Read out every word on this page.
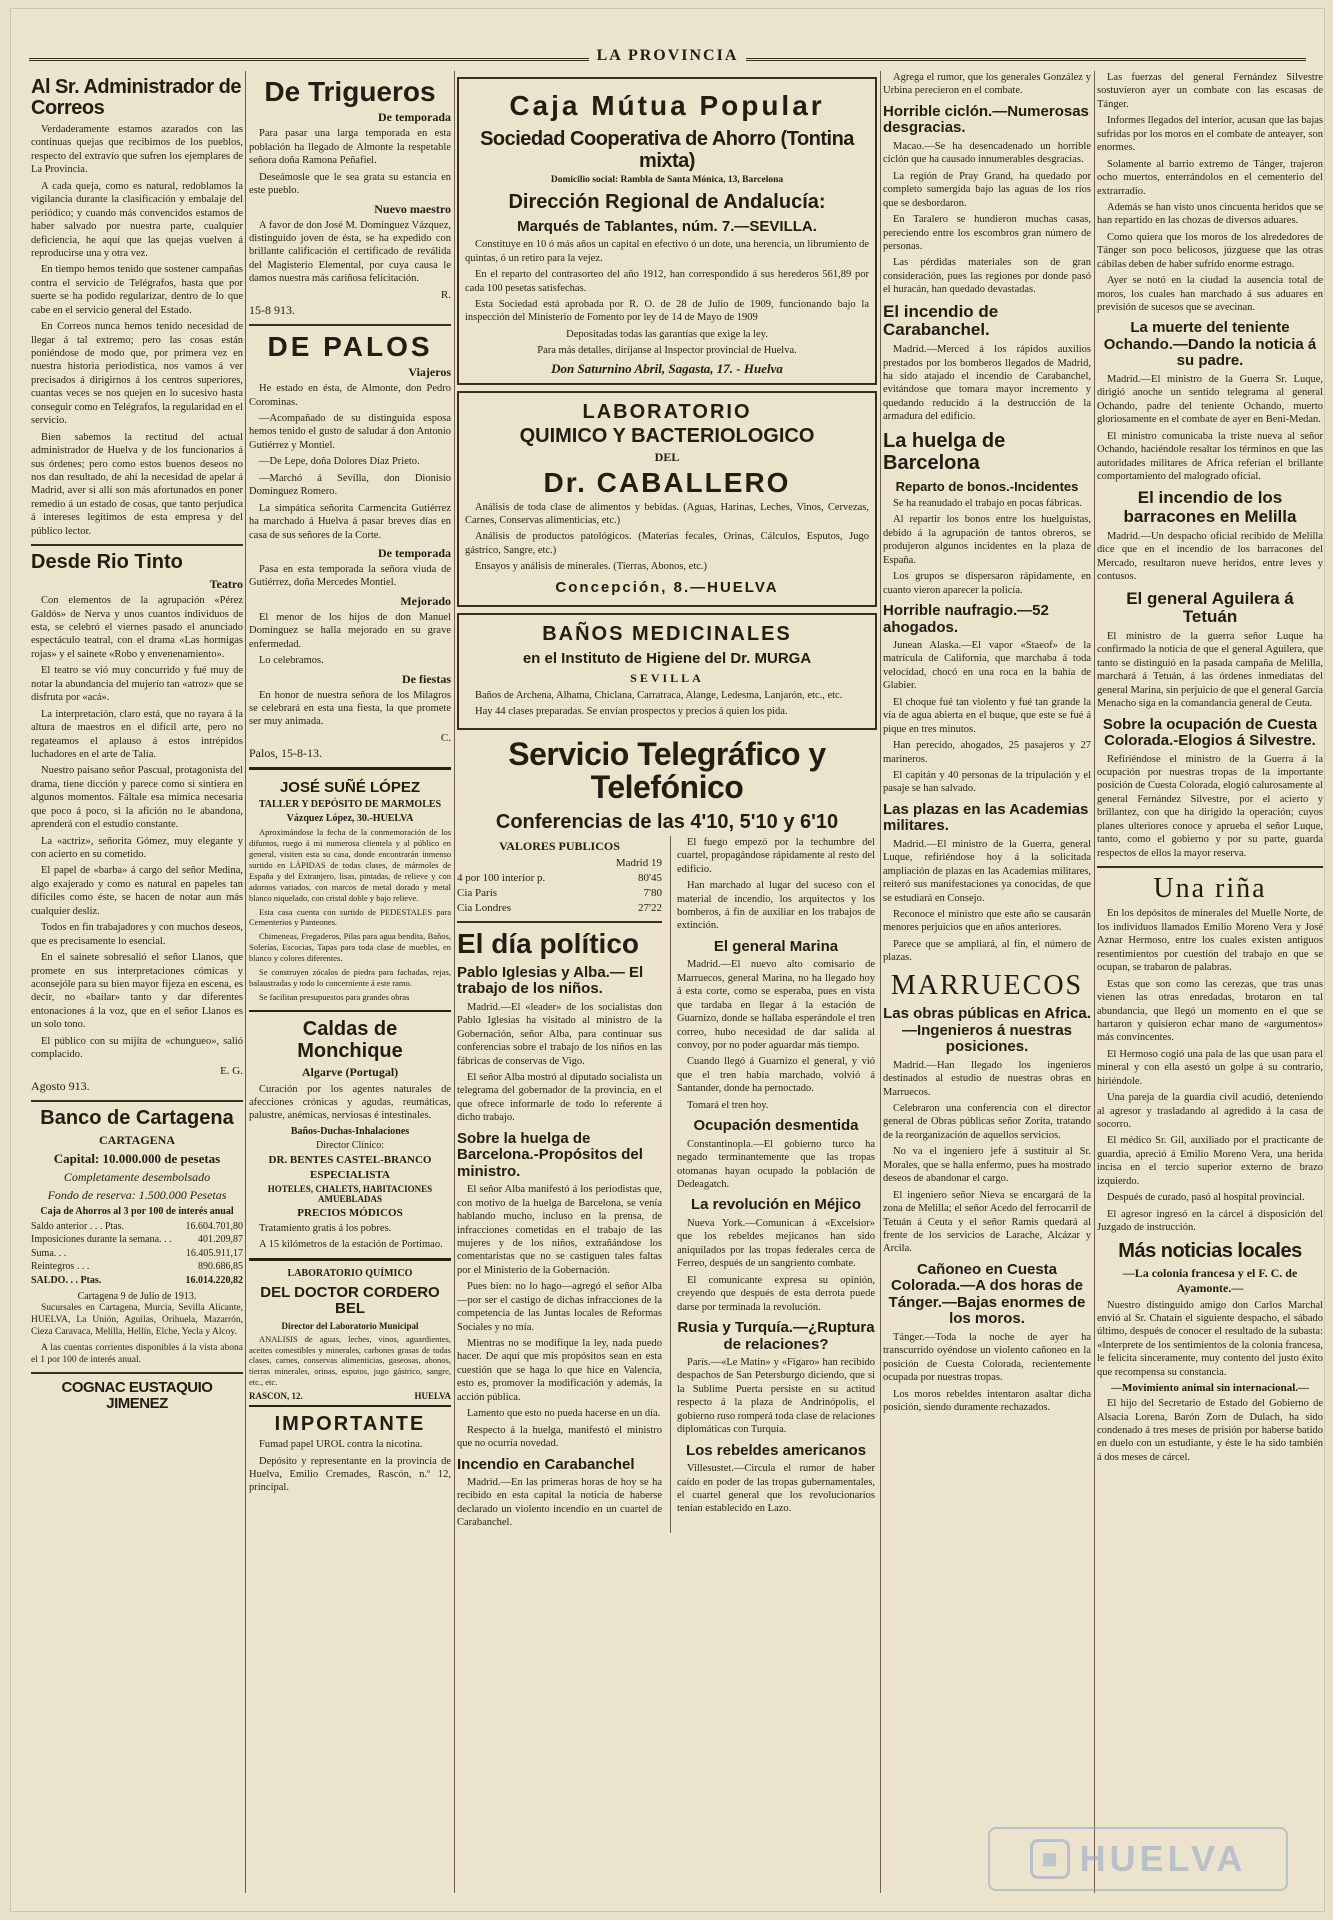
LA PROVINCIA
Al Sr. Administrador de Correos

Verdaderamente estamos azarados con las continuas quejas que recibimos de los pueblos, respecto del extravío que sufren los ejemplares de La Provincia.

A cada queja, como es natural, redoblamos la vigilancia durante la clasificación y embalaje del periódico; y cuando más convencidos estamos de haber salvado por nuestra parte, cualquier deficiencia, he aquí que las quejas vuelven á reproducirse una y otra vez.

En tiempo hemos tenido que sostener campañas contra el servicio de Telégrafos, hasta que por suerte se ha podido regularizar, dentro de lo que cabe en el servicio general del Estado.

En Correos nunca hemos tenido necesidad de llegar á tal extremo; pero las cosas están poniéndose de modo que, por primera vez en nuestra historia periodística, nos vamos á ver precisados á dirigirnos á los centros superiores, cuantas veces se nos quejen en lo sucesivo hasta conseguir como en Telégrafos, la regularidad en el servicio.

Bien sabemos la rectitud del actual administrador de Huelva y de los funcionarios á sus órdenes; pero como estos buenos deseos no nos dan resultado, de ahí la necesidad de apelar á Madrid, aver si allí son más afortunados en poner remedio á un estado de cosas, que tanto perjudica á intereses legítimos de esta empresa y del público lector.

Desde Rio Tinto
Teatro

Con elementos de la agrupación «Pérez Galdós» de Nerva y unos cuantos individuos de esta, se celebró el viernes pasado el anunciado espectáculo teatral, con el drama «Las hormigas rojas» y el sainete «Robo y envenenamiento».

El teatro se vió muy concurrido y fué muy de notar la abundancia del mujerío tan «atroz» que se disfruta por «acá».

La interpretación, claro está, que no rayara á la altura de maestros en el difícil arte, pero no regateamos el aplauso á estos intrépidos luchadores en el arte de Talía.

Nuestro paisano señor Pascual, protagonista del drama, tiene dicción y parece como si sintiera en algunos momentos. Fáltale esa mímica necesaria que poco á poco, si la afición no le abandona, aprenderá con el estudio constante.

La «actriz», señorita Gómez, muy elegante y con acierto en su cometido.

El papel de «barba» á cargo del señor Medina, algo exajerado y como es natural en papeles tan difíciles como éste, se hacen de notar aun más cualquier desliz.

Todos en fin trabajadores y con muchos deseos, que es precisamente lo esencial.

En el sainete sobresalió el señor Llanos, que promete en sus interpretaciones cómicas y aconsejóle para su bien mayor fijeza en escena, es decir, no «bailar» tanto y dar diferentes entonaciones á la voz, que en el señor Llanos es un solo tono.

El público con su mijita de «chungueo», salió complacido.

E. G.
Agosto 913.
Banco de Cartagena
CARTAGENA
Capital: 10.000.000 de pesetas
Completamente desembolsado
Fondo de reserva: 1.500.000 Pesetas
Caja de Ahorros al 3 por 100 de interés anual
Saldo anterior . . . Ptas.	16.604.701,80
Imposiciones durante la semana. . .	401.209,87
Suma. . .	16.405.911,17
Reintegros . . .	890.686,85
SALDO. . . Ptas.	16.014.220,82
Cartagena 9 de Julio de 1913.

Sucursales en Cartagena, Murcia, Sevilla Alicante, HUELVA, La Unión, Aguilas, Orihuela, Mazarrón, Cieza Caravaca, Melilla, Hellín, Elche, Yecla y Alcoy.

A las cuentas corrientes disponibles á la vista abona el 1 por 100 de interés anual.

COGNAC EUSTAQUIO JIMENEZ
De Trigueros
De temporada

Para pasar una larga temporada en esta población ha llegado de Almonte la respetable señora doña Ramona Peñafiel.

Deseámosle que le sea grata su estancia en este pueblo.

Nuevo maestro

A favor de don José M. Domínguez Vázquez, distinguido joven de ésta, se ha expedido con brillante calificación el certificado de reválida del Magisterio Elemental, por cuya causa le damos nuestra más cariñosa felicitación.

R.
15-8 913.
DE PALOS
Viajeros

He estado en ésta, de Almonte, don Pedro Corominas.

—Acompañado de su distinguida esposa hemos tenido el gusto de saludar á don Antonio Gutiérrez y Montiel.

—De Lepe, doña Dolores Díaz Prieto.

—Marchó á Sevilla, don Dionisio Domínguez Romero.

La simpática señorita Carmencita Gutiérrez ha marchado á Huelva á pasar breves días en casa de sus señores de la Corte.

De temporada

Pasa en esta temporada la señora viuda de Gutiérrez, doña Mercedes Montiel.

Mejorado

El menor de los hijos de don Manuel Domínguez se halla mejorado en su grave enfermedad.

Lo celebramos.

De fiestas

En honor de nuestra señora de los Milagros se celebrará en esta una fiesta, la que promete ser muy animada.

C.
Palos, 15-8-13.
JOSÉ SUÑÉ LÓPEZ
TALLER Y DEPÓSITO DE MARMOLES
Vázquez López, 30.-HUELVA

Aproximándose la fecha de la conmemoración de los difuntos, ruego á mi numerosa clientela y al público en general, visiten esta su casa, donde encontrarán inmenso surtido en LÁPIDAS de todas clases, de mármoles de España y del Extranjero, lisas, pintadas, de relieve y con adornos variados, con marcos de metal dorado y metal blanco niquelado, con cristal doble y bajo relieve.

Esta casa cuenta con surtido de PEDESTALES para Cementerios y Panteones.

Chimeneas, Fregaderos, Pilas para agua bendita, Baños, Solerías, Escocias, Tapas para toda clase de muebles, en blanco y colores diferentes.

Se construyen zócalos de piedra para fachadas, rejas, balaustradas y todo lo concerniente á este ramo.

Se facilitan presupuestos para grandes obras

Caldas de Monchique
Algarve (Portugal)

Curación por los agentes naturales de afecciones crónicas y agudas, reumáticas, palustre, anémicas, nerviosas é intestinales.

Baños-Duchas-Inhalaciones
Director Clínico:
DR. BENTES CASTEL-BRANCO
ESPECIALISTA
HOTELES, CHALETS, HABITACIONES AMUEBLADAS
PRECIOS MÓDICOS

Tratamiento gratis á los pobres.

A 15 kilómetros de la estación de Portimao.

LABORATORIO QUÍMICO
DEL DOCTOR CORDERO BEL
Director del Laboratorio Municipal

ANALISIS de aguas, leches, vinos, aguardientes, aceites comestibles y minerales, carbones grasas de todas clases, carnes, conservas alimenticias, gaseosas, abonos, tierras minerales, orinas, esputos, jugo gástrico, sangre, etc., etc.

RASCON, 12.	HUELVA
IMPORTANTE

Fumad papel UROL contra la nicotina.

Depósito y representante en la provincia de Huelva, Emilio Cremades, Rascón, n.º 12, principal.

Caja Mútua Popular
Sociedad Cooperativa de Ahorro (Tontina mixta)
Domicilio social: Rambla de Santa Mónica, 13, Barcelona
Dirección Regional de Andalucía:
Marqués de Tablantes, núm. 7.—SEVILLA.

Constituye en 10 ó más años un capital en efectivo ó un dote, una herencia, un librumiento de quintas, ó un retiro para la vejez.

En el reparto del contrasorteo del año 1912, han correspondido á sus herederos 561,89 por cada 100 pesetas satisfechas.

Esta Sociedad está aprobada por R. O. de 28 de Julio de 1909, funcionando bajo la inspección del Ministerio de Fomento por ley de 14 de Mayo de 1909

Depositadas todas las garantías que exige la ley.

Para más detalles, diríjanse al Inspector provincial de Huelva.

Don Saturnino Abril, Sagasta, 17. - Huelva
LABORATORIO
QUIMICO Y BACTERIOLOGICO
DEL
Dr. CABALLERO

Análisis de toda clase de alimentos y bebidas. (Aguas, Harinas, Leches, Vinos, Cervezas, Carnes, Conservas alimenticias, etc.)

Análisis de productos patológicos. (Materias fecales, Orinas, Cálculos, Esputos, Jugo gástrico, Sangre, etc.)

Ensayos y análisis de minerales. (Tierras, Abonos, etc.)

Concepción, 8.—HUELVA
BAÑOS MEDICINALES
en el Instituto de Higiene del Dr. MURGA
SEVILLA

Baños de Archena, Alhama, Chiclana, Carratraca, Alange, Ledesma, Lanjarón, etc., etc.

Hay 44 clases preparadas. Se envían prospectos y precios á quien los pida.

Servicio Telegráfico y Telefónico
Conferencias de las 4'10, 5'10 y 6'10
VALORES PUBLICOS
Madrid 19
4 por 100 interior p.	80'45
Cia París	7'80
Cia Londres	27'22
El día político
Pablo Iglesias y Alba.— El trabajo de los niños.

Madrid.—El «leader» de los socialistas don Pablo Iglesias ha visitado al ministro de la Gobernación, señor Alba, para continuar sus conferencias sobre el trabajo de los niños en las fábricas de conservas de Vigo.

El señor Alba mostró al diputado socialista un telegrama del gobernador de la provincia, en el que ofrece informarle de todo lo referente á dicho trabajo.

Sobre la huelga de Barcelona.-Propósitos del ministro.

El señor Alba manifestó á los periodistas que, con motivo de la huelga de Barcelona, se venía hablando mucho, incluso en la prensa, de infracciones cometidas en el trabajo de las mujeres y de los niños, extrañándose los comentaristas que no se castiguen tales faltas por el Ministerio de la Gobernación.

Pues bien: no lo hago—agregó el señor Alba—por ser el castigo de dichas infracciones de la competencia de las Juntas locales de Reformas Sociales y no mía.

Mientras no se modifique la ley, nada puedo hacer. De aquí que mis propósitos sean en esta cuestión que se haga lo que hice en Valencia, esto es, promover la modificación y además, la acción pública.

Lamento que esto no pueda hacerse en un día.

Respecto á la huelga, manifestó el ministro que no ocurría novedad.

Incendio en Carabanchel

Madrid.—En las primeras horas de hoy se ha recibido en esta capital la noticia de haberse declarado un violento incendio en un cuartel de Carabanchel.

El fuego empezó por la techumbre del cuartel, propagándose rápidamente al resto del edificio.

Han marchado al lugar del suceso con el material de incendio, los arquitectos y los bomberos, á fin de auxiliar en los trabajos de extinción.

El general Marina

Madrid.—El nuevo alto comisario de Marruecos, general Marina, no ha llegado hoy á esta corte, como se esperaba, pues en vista que tardaba en llegar á la estación de Guarnizo, donde se hallaba esperándole el tren correo, hubo necesidad de dar salida al convoy, por no poder aguardar más tiempo.

Cuando llegó á Guarnizo el general, y vió que el tren había marchado, volvió á Santander, donde ha pernoctado.

Tomará el tren hoy.

Ocupación desmentida

Constantinopla.—El gobierno turco ha negado terminantemente que las tropas otomanas hayan ocupado la población de Dedeagatch.

La revolución en Méjico

Nueva York.—Comunican á «Excelsior» que los rebeldes mejicanos han sido aniquilados por las tropas federales cerca de Ferreo, después de un sangriento combate.

El comunicante expresa su opinión, creyendo que después de esta derrota puede darse por terminada la revolución.

Rusia y Turquía.—¿Ruptura de relaciones?

París.—«Le Matin» y «Fígaro» han recibido despachos de San Petersburgo diciendo, que si la Sublime Puerta persiste en su actitud respecto á la plaza de Andrinópolis, el gobierno ruso romperá toda clase de relaciones diplomáticas con Turquía.

Los rebeldes americanos

Villesustet.—Circula el rumor de haber caído en poder de las tropas gubernamentales, el cuartel general que los revolucionarios tenían establecido en Lazo.

Agrega el rumor, que los generales González y Urbina perecieron en el combate.

Horrible ciclón.—Numerosas desgracias.

Macao.—Se ha desencadenado un horrible ciclón que ha causado innumerables desgracias.

La región de Pray Grand, ha quedado por completo sumergida bajo las aguas de los ríos que se desbordaron.

En Taralero se hundieron muchas casas, pereciendo entre los escombros gran número de personas.

Las pérdidas materiales son de gran consideración, pues las regiones por donde pasó el huracán, han quedado devastadas.

El incendio de Carabanchel.

Madrid.—Merced á los rápidos auxilios prestados por los bomberos llegados de Madrid, ha sido atajado el incendio de Carabanchel, evitándose que tomara mayor incremento y quedando reducido á la destrucción de la armadura del edificio.

La huelga de Barcelona
Reparto de bonos.-Incidentes

Se ha reanudado el trabajo en pocas fábricas.

Al repartir los bonos entre los huelguistas, debido á la agrupación de tantos obreros, se produjeron algunos incidentes en la plaza de España.

Los grupos se dispersaron rápidamente, en cuanto vieron aparecer la policía.

Horrible naufragio.—52 ahogados.

Junean Alaska.—El vapor «Staeof» de la matrícula de California, que marchaba á toda velocidad, chocó en una roca en la bahía de Glabier.

El choque fué tan violento y fué tan grande la vía de agua abierta en el buque, que este se fué á pique en tres minutos.

Han perecido, ahogados, 25 pasajeros y 27 marineros.

El capitán y 40 personas de la tripulación y el pasaje se han salvado.

Las plazas en las Academias militares.

Madrid.—El ministro de la Guerra, general Luque, refiriéndose hoy á la solicitada ampliación de plazas en las Academias militares, reiteró sus manifestaciones ya conocidas, de que se estudiará en Consejo.

Reconoce el ministro que este año se causarán menores perjuicios que en años anteriores.

Parece que se ampliará, al fin, el número de plazas.

MARRUECOS
Las obras públicas en Africa.—Ingenieros á nuestras posiciones.

Madrid.—Han llegado los ingenieros destinados al estudio de nuestras obras en Marruecos.

Celebraron una conferencia con el director general de Obras públicas señor Zorita, tratando de la reorganización de aquellos servicios.

No va el ingeniero jefe á sustituir al Sr. Morales, que se halla enfermo, pues ha mostrado deseos de abandonar el cargo.

El ingeniero señor Nieva se encargará de la zona de Melilla; el señor Acedo del ferrocarril de Tetuán á Ceuta y el señor Ramis quedará al frente de los servicios de Larache, Alcázar y Arcila.

Cañoneo en Cuesta Colorada.—A dos horas de Tánger.—Bajas enormes de los moros.

Tánger.—Toda la noche de ayer ha transcurrido oyéndose un violento cañoneo en la posición de Cuesta Colorada, recientemente ocupada por nuestras tropas.

Los moros rebeldes intentaron asaltar dicha posición, siendo duramente rechazados.

Las fuerzas del general Fernández Silvestre sostuvieron ayer un combate con las escasas de Tánger.

Informes llegados del interior, acusan que las bajas sufridas por los moros en el combate de anteayer, son enormes.

Solamente al barrio extremo de Tánger, trajeron ocho muertos, enterrándolos en el cementerio del extrarradio.

Además se han visto unos cincuenta heridos que se han repartido en las chozas de diversos aduares.

Como quiera que los moros de los alrededores de Tánger son poco belicosos, júzguese que las otras cábilas deben de haber sufrido enorme estrago.

Ayer se notó en la ciudad la ausencia total de moros, los cuales han marchado á sus aduares en previsión de sucesos que se avecinan.

La muerte del teniente Ochando.—Dando la noticia á su padre.

Madrid.—El ministro de la Guerra Sr. Luque, dirigió anoche un sentido telegrama al general Ochando, padre del teniente Ochando, muerto gloriosamente en el combate de ayer en Beni-Medan.

El ministro comunicaba la triste nueva al señor Ochando, haciéndole resaltar los términos en que las autoridades militares de Africa referían el brillante comportamiento del malogrado oficial.

El incendio de los barracones en Melilla

Madrid.—Un despacho oficial recibido de Melilla dice que en el incendio de los barracones del Mercado, resultaron nueve heridos, entre leves y contusos.

El general Aguilera á Tetuán

El ministro de la guerra señor Luque ha confirmado la noticia de que el general Aguilera, que tanto se distinguió en la pasada campaña de Melilla, marchará á Tetuán, á las órdenes inmediatas del general Marina, sin perjuicio de que el general García Menacho siga en la comandancia general de Ceuta.

Sobre la ocupación de Cuesta Colorada.-Elogios á Silvestre.

Refiriéndose el ministro de la Guerra á la ocupación por nuestras tropas de la importante posición de Cuesta Colorada, elogió calurosamente al general Fernández Silvestre, por el acierto y brillantez, con que ha dirigido la operación; cuyos planes ulteriores conoce y aprueba el señor Luque, tanto, como el gobierno y por su parte, guarda respectos de ellos la mayor reserva.

Una riña

En los depósitos de minerales del Muelle Norte, de los individuos llamados Emilio Moreno Vera y José Aznar Hermoso, entre los cuales existen antiguos resentimientos por cuestión del trabajo en que se ocupan, se trabaron de palabras.

Estas que son como las cerezas, que tras unas vienen las otras enredadas, brotaron en tal abundancia, que llegó un momento en el que se hartaron y quisieron echar mano de «argumentos» más convincentes.

El Hermoso cogió una pala de las que usan para el mineral y con ella asestó un golpe á su contrario, hiriéndole.

Una pareja de la guardia civil acudió, deteniendo al agresor y trasladando al agredido á la casa de socorro.

El médico Sr. Gil, auxiliado por el practicante de guardia, apreció á Emilio Moreno Vera, una herida incisa en el tercio superior externo de brazo izquierdo.

Después de curado, pasó al hospital provincial.

El agresor ingresó en la cárcel á disposición del Juzgado de instrucción.

Más noticias locales
—La colonia francesa y el F. C. de Ayamonte.—

Nuestro distinguido amigo don Carlos Marchal envió al Sr. Chataín el siguiente despacho, el sábado último, después de conocer el resultado de la subasta: «Interprete de los sentimientos de la colonia francesa, le felicita sinceramente, muy contento del justo éxito que recompensa su constancia.

—Movimiento animal sin internacional.—

El hijo del Secretario de Estado del Gobierno de Alsacia Lorena, Barón Zorn de Dulach, ha sido condenado á tres meses de prisión por haberse batido en duelo con un estudiante, y éste le ha sido también á dos meses de cárcel.

▦ HUELVA
